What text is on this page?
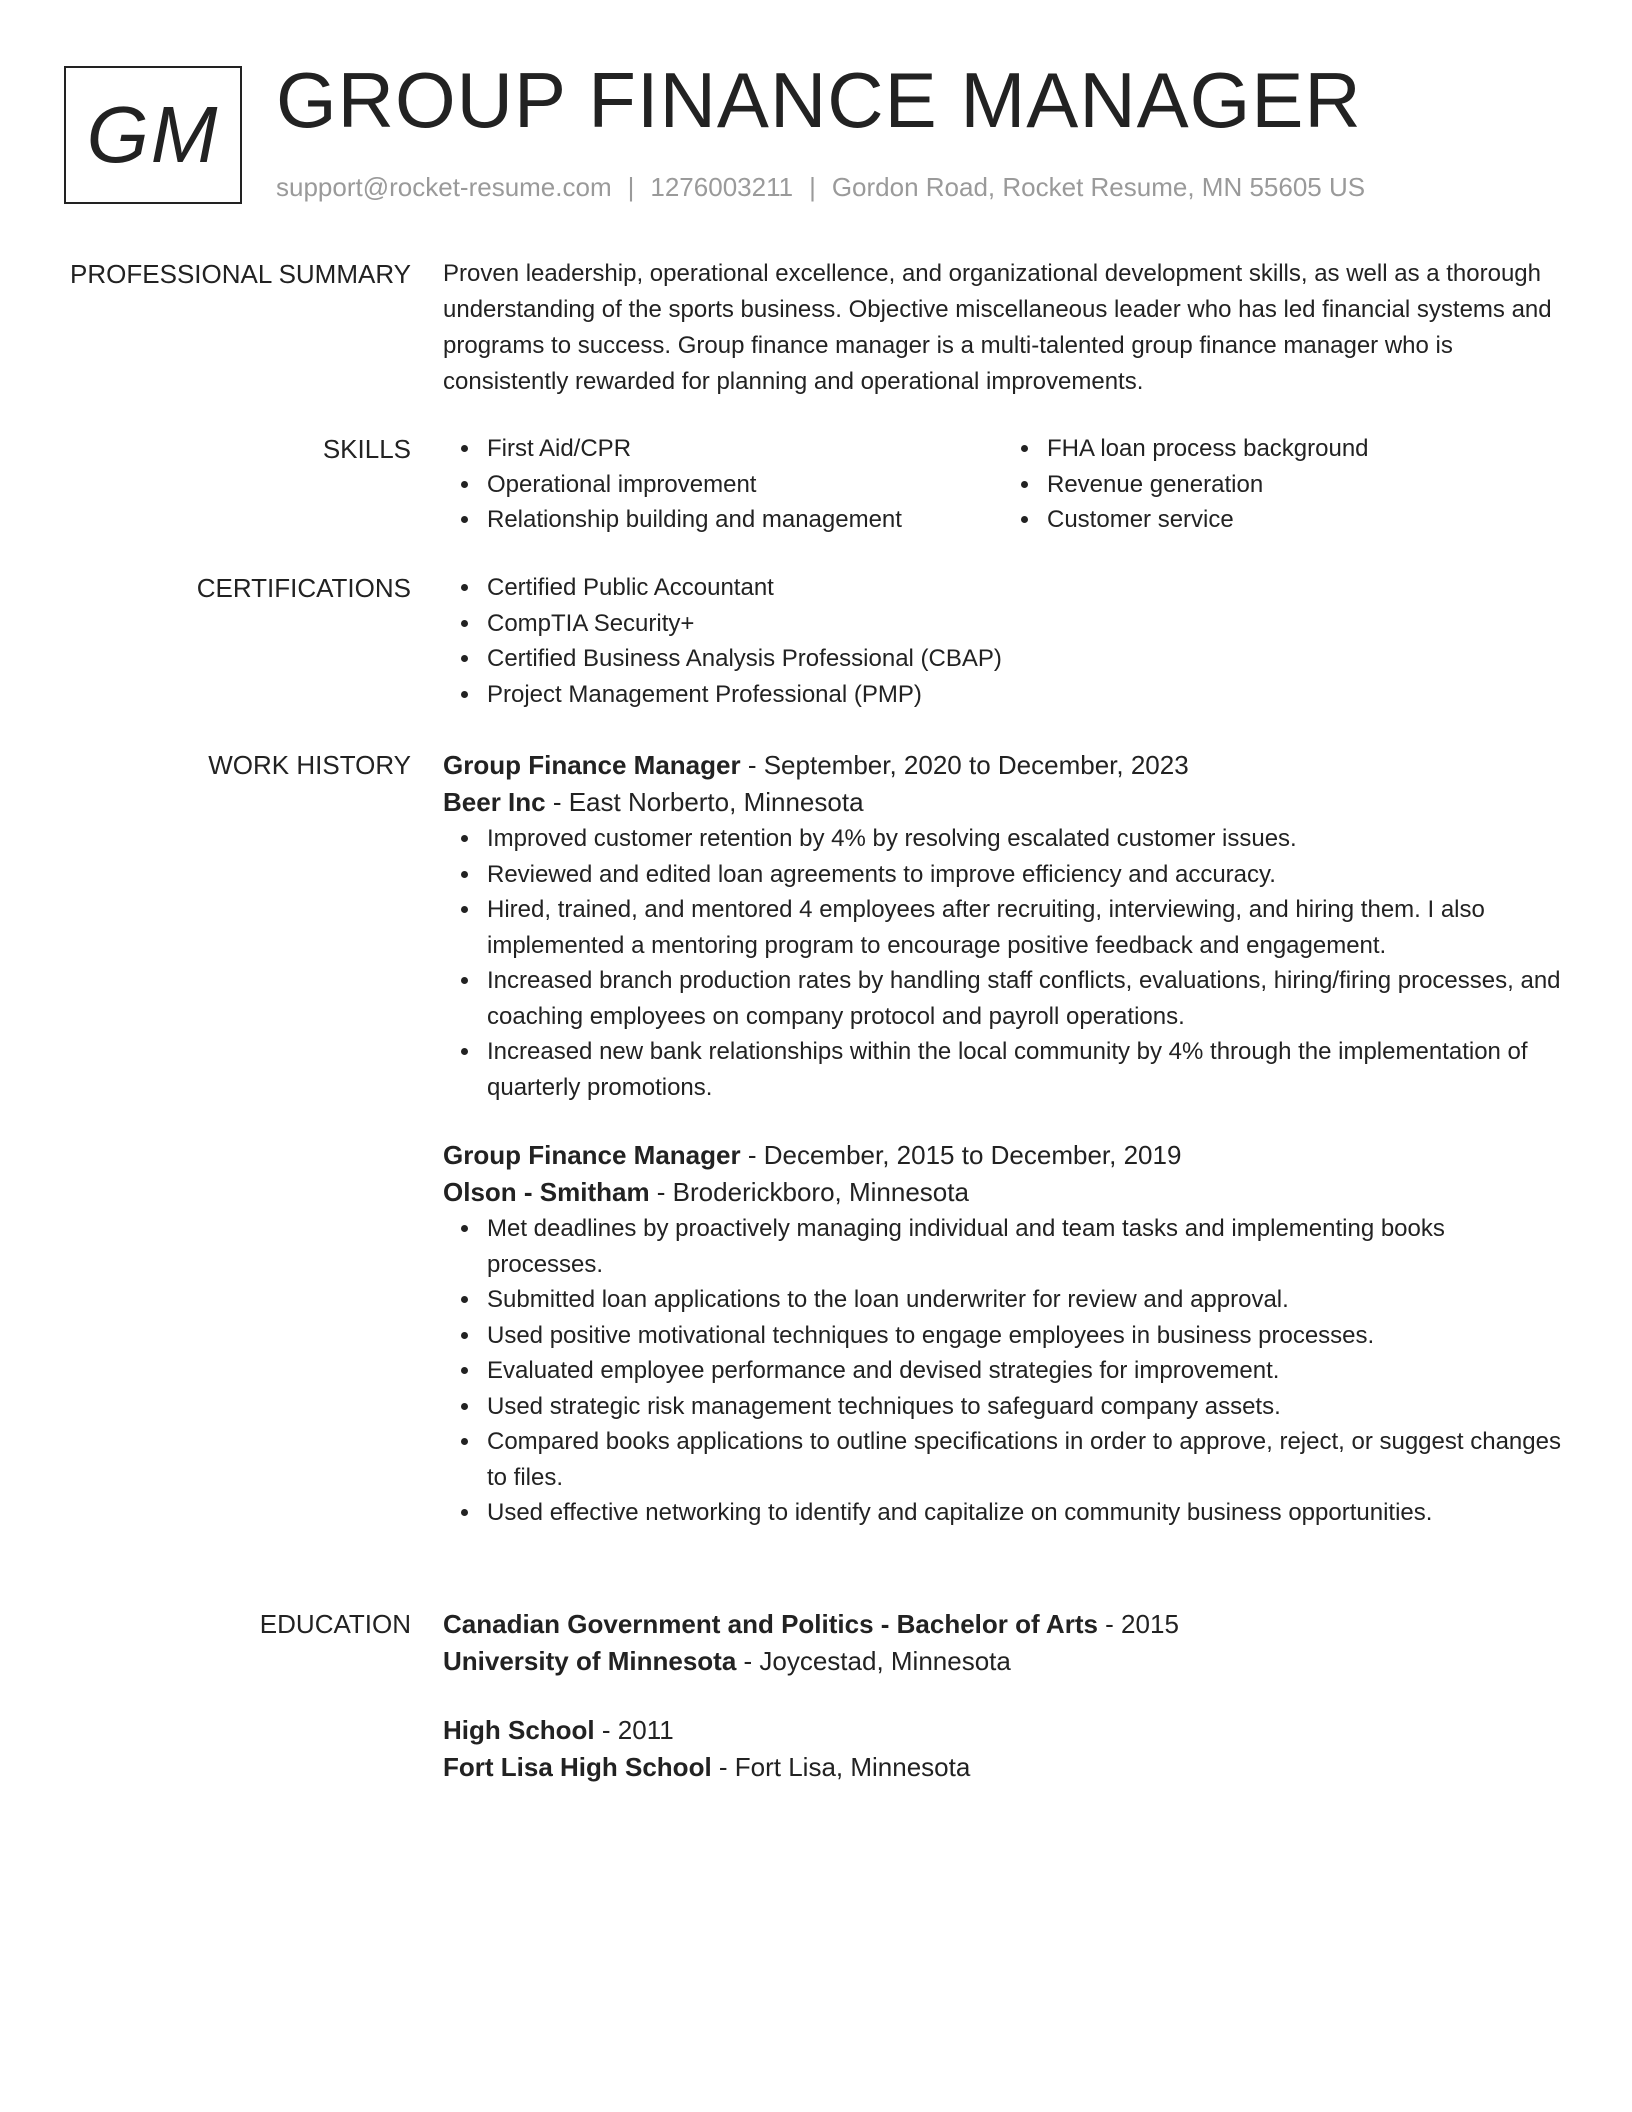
GM GROUP FINANCE MANAGER
support@rocket-resume.com | 1276003211 | Gordon Road, Rocket Resume, MN 55605 US
PROFESSIONAL SUMMARY Proven leadership, operational excellence, and organizational development skills, as well as a thorough understanding of the sports business. Objective miscellaneous leader who has led financial systems and programs to success. Group finance manager is a multi-talented group finance manager who is consistently rewarded for planning and operational improvements.
SKILLS	First Aid/CPR
Operational improvement
Relationship building and management
FHA loan process background
Revenue generation
Customer service
CERTIFICATIONS	Certified Public Accountant
CompTIA Security+
Certified Business Analysis Professional (CBAP)
Project Management Professional (PMP)
WORK HISTORY Group Finance Manager - September, 2020 to December, 2023
Beer Inc - East Norberto, Minnesota
Improved customer retention by 4% by resolving escalated customer issues.
Reviewed and edited loan agreements to improve efficiency and accuracy.
Hired, trained, and mentored 4 employees after recruiting, interviewing, and hiring them. I also implemented a mentoring program to encourage positive feedback and engagement.
Increased branch production rates by handling staff conflicts, evaluations, hiring/firing processes, and coaching employees on company protocol and payroll operations.
Increased new bank relationships within the local community by 4% through the implementation of quarterly promotions.
Group Finance Manager - December, 2015 to December, 2019
Olson - Smitham - Broderickboro, Minnesota
Met deadlines by proactively managing individual and team tasks and implementing books processes.
Submitted loan applications to the loan underwriter for review and approval.
Used positive motivational techniques to engage employees in business processes.
Evaluated employee performance and devised strategies for improvement.
Used strategic risk management techniques to safeguard company assets.
Compared books applications to outline specifications in order to approve, reject, or suggest changes to files.
Used effective networking to identify and capitalize on community business opportunities.
EDUCATION Canadian Government and Politics - Bachelor of Arts - 2015
University of Minnesota - Joycestad, Minnesota
High School - 2011
Fort Lisa High School - Fort Lisa, Minnesota
